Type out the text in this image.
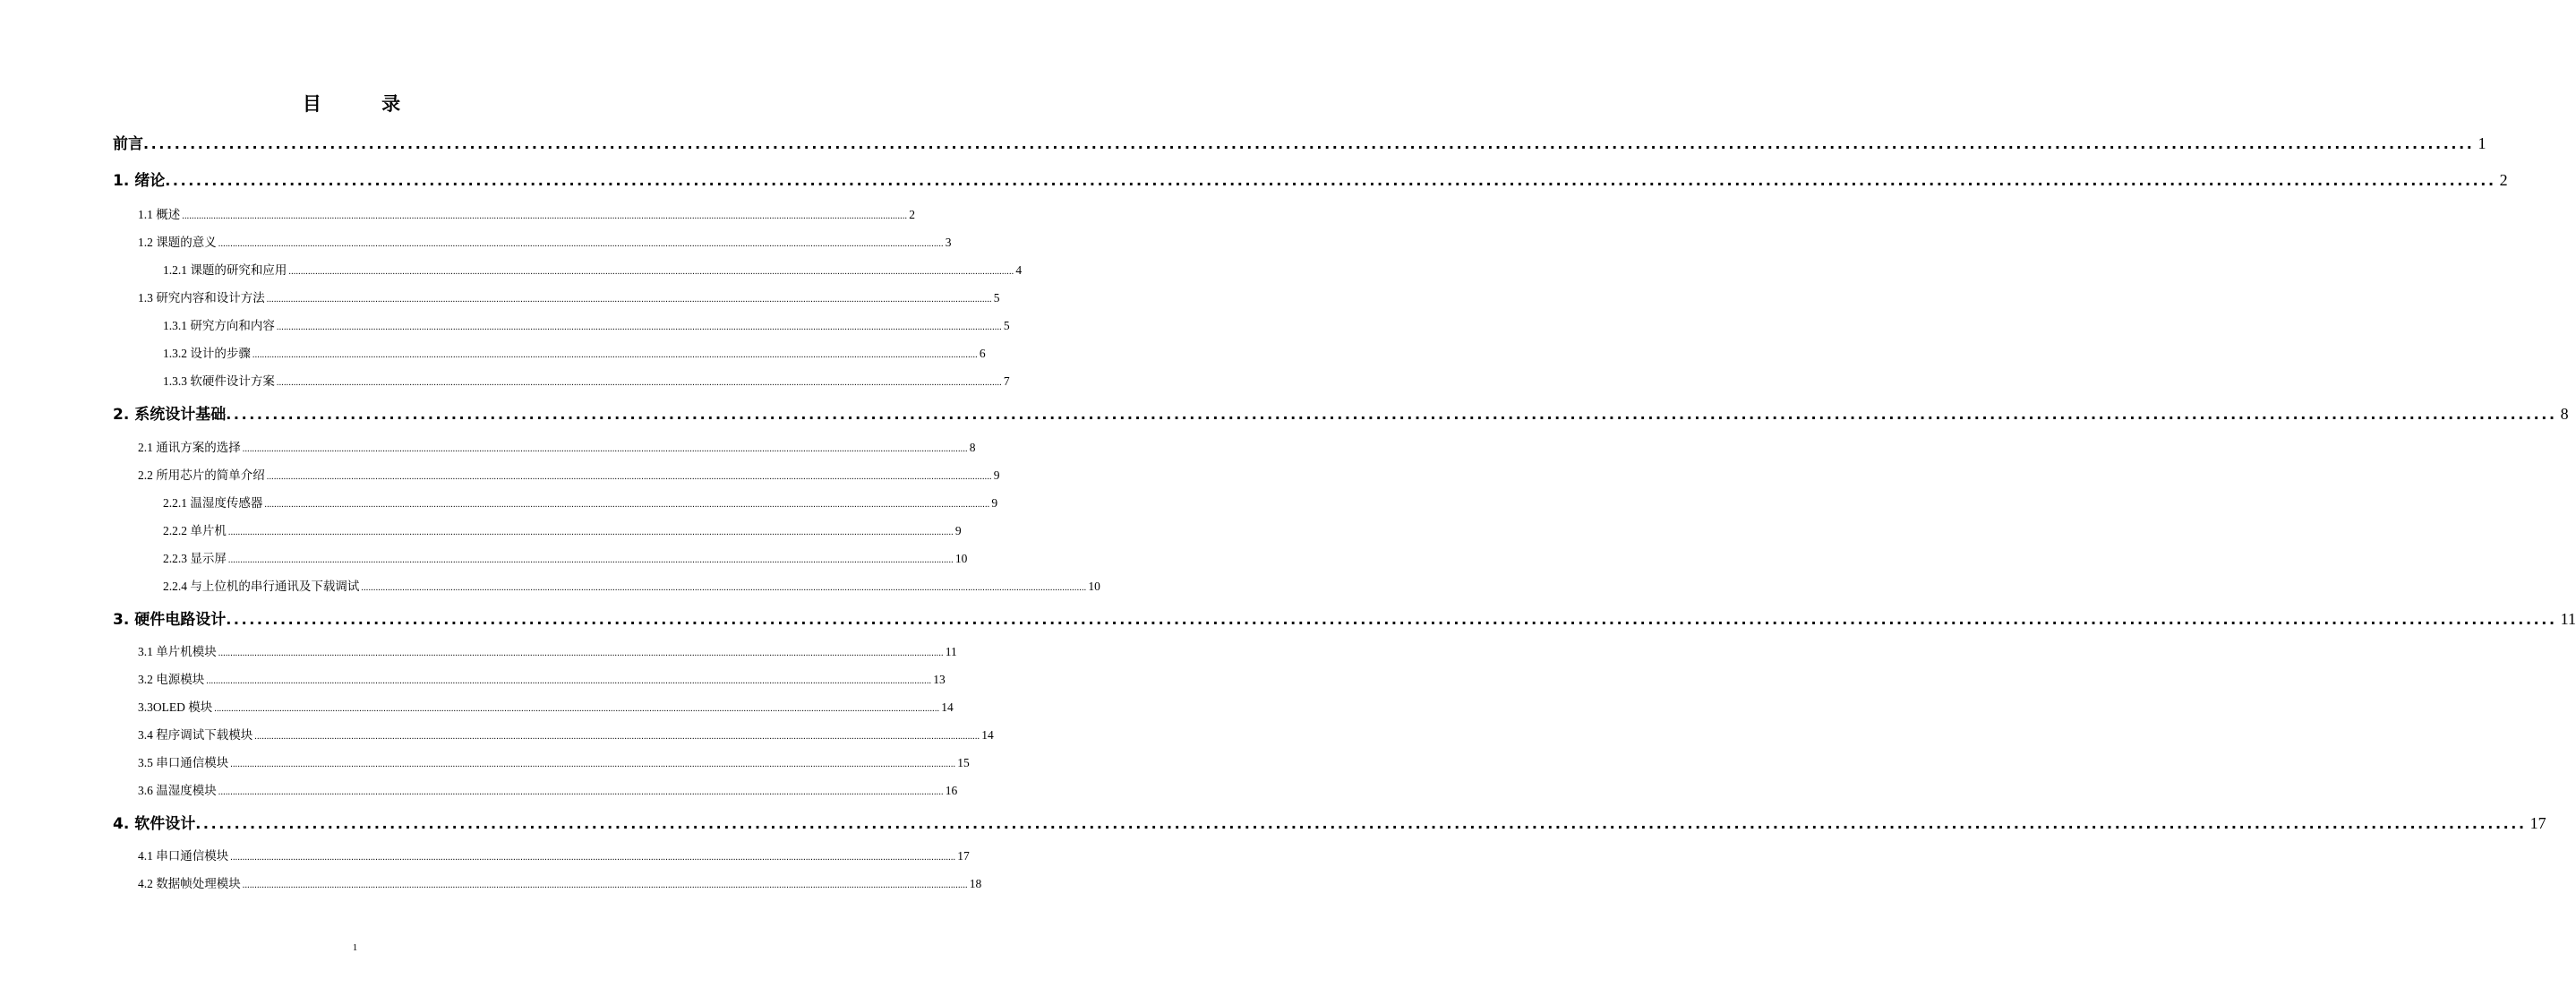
目 录
前言 ............................................................................................................................................................................................................................................................................................................ 1
1. 绪论 ............................................................................................................................................................................................................................................................................................................ 2
1.1 概述 ............................................................................................................................................................................................................................................................................................................ 2
1.2 课题的意义 ............................................................................................................................................................................................................................................................................................................ 3
1.2.1 课题的研究和应用 ............................................................................................................................................................................................................................................................................................................ 4
1.3 研究内容和设计方法 ............................................................................................................................................................................................................................................................................................................ 5
1.3.1 研究方向和内容 ............................................................................................................................................................................................................................................................................................................ 5
1.3.2 设计的步骤 ............................................................................................................................................................................................................................................................................................................ 6
1.3.3 软硬件设计方案 ............................................................................................................................................................................................................................................................................................................ 7
2. 系统设计基础 ............................................................................................................................................................................................................................................................................................................ 8
2.1 通讯方案的选择 ............................................................................................................................................................................................................................................................................................................ 8
2.2 所用芯片的简单介绍 ............................................................................................................................................................................................................................................................................................................ 9
2.2.1 温湿度传感器 ............................................................................................................................................................................................................................................................................................................ 9
2.2.2 单片机 ............................................................................................................................................................................................................................................................................................................ 9
2.2.3 显示屏 ............................................................................................................................................................................................................................................................................................................ 10
2.2.4 与上位机的串行通讯及下载调试 ............................................................................................................................................................................................................................................................................................................ 10
3. 硬件电路设计 ............................................................................................................................................................................................................................................................................................................ 11
3.1 单片机模块 ............................................................................................................................................................................................................................................................................................................ 11
3.2 电源模块 ............................................................................................................................................................................................................................................................................................................ 13
3.3OLED 模块 ............................................................................................................................................................................................................................................................................................................ 14
3.4 程序调试下载模块 ............................................................................................................................................................................................................................................................................................................ 14
3.5 串口通信模块 ............................................................................................................................................................................................................................................................................................................ 15
3.6 温湿度模块 ............................................................................................................................................................................................................................................................................................................ 16
4. 软件设计 ............................................................................................................................................................................................................................................................................................................ 17
4.1 串口通信模块 ............................................................................................................................................................................................................................................................................................................ 17
4.2 数据帧处理模块 ............................................................................................................................................................................................................................................................................................................ 18
1
